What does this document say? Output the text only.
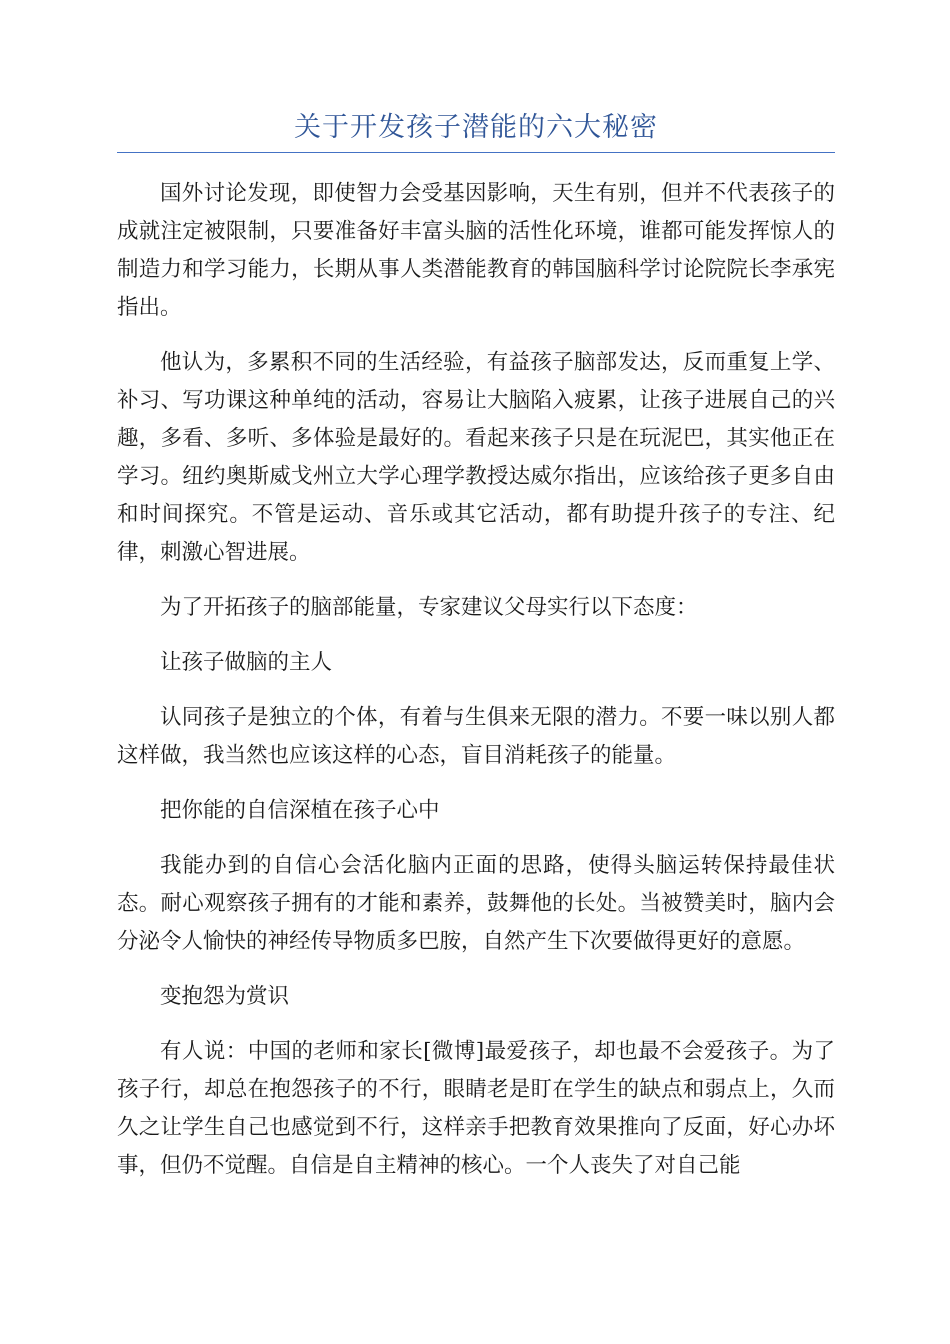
关于开发孩子潜能的六大秘密

国外讨论发现，即使智力会受基因影响，天生有别，但并不代表孩子的成就注定被限制，只要准备好丰富头脑的活性化环境，谁都可能发挥惊人的制造力和学习能力，长期从事人类潜能教育的韩国脑科学讨论院院长李承宪指出。

他认为，多累积不同的生活经验，有益孩子脑部发达，反而重复上学、补习、写功课这种单纯的活动，容易让大脑陷入疲累，让孩子进展自己的兴趣，多看、多听、多体验是最好的。看起来孩子只是在玩泥巴，其实他正在学习。纽约奥斯威戈州立大学心理学教授达威尔指出，应该给孩子更多自由和时间探究。不管是运动、音乐或其它活动，都有助提升孩子的专注、纪律，刺激心智进展。

为了开拓孩子的脑部能量，专家建议父母实行以下态度：

让孩子做脑的主人

认同孩子是独立的个体，有着与生俱来无限的潜力。不要一味以别人都这样做，我当然也应该这样的心态，盲目消耗孩子的能量。

把你能的自信深植在孩子心中

我能办到的自信心会活化脑内正面的思路，使得头脑运转保持最佳状态。耐心观察孩子拥有的才能和素养，鼓舞他的长处。当被赞美时，脑内会分泌令人愉快的神经传导物质多巴胺，自然产生下次要做得更好的意愿。

变抱怨为赏识

有人说：中国的老师和家长[微博]最爱孩子，却也最不会爱孩子。为了孩子行，却总在抱怨孩子的不行，眼睛老是盯在学生的缺点和弱点上，久而久之让学生自己也感觉到不行，这样亲手把教育效果推向了反面，好心办坏事，但仍不觉醒。自信是自主精神的核心。一个人丧失了对自己能
